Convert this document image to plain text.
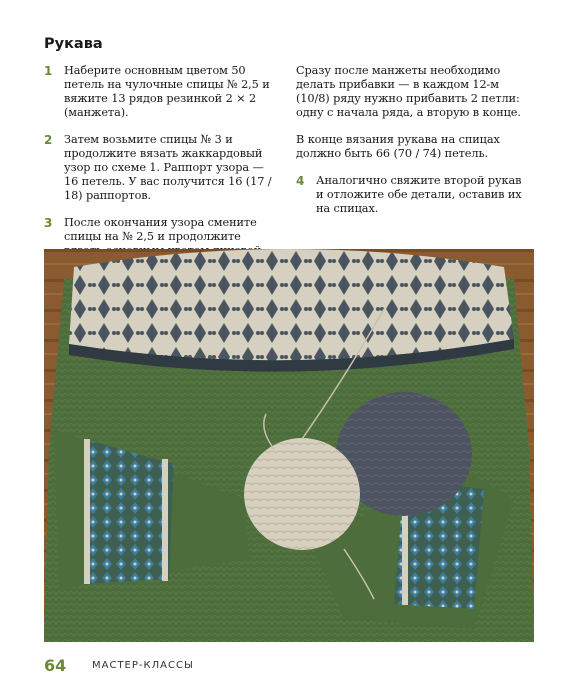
Рукава
1 Наберите основным цветом 50 петель на чулочные спицы № 2,5 и вяжите 13 рядов резинкой 2 × 2 (манжета).
2 Затем возьмите спицы № 3 и продолжите вязать жаккардовый узор по схеме 1. Раппорт узора — 16 петель. У вас получится 16 (17 / 18) раппортов.
3 После окончания узора смените спицы на № 2,5 и продолжите
Сразу после манжеты необходимо делать прибавки — в каждом 12-м (10/8) ряду нужно прибавить 2 петли: одну с начала ряда, а вторую в конце.
В конце вязания рукава на спицах должно быть 66 (70 / 74) петель.
4 Аналогично свяжите второй рукав и отложите обе детали, оставив их на спицах.
64	МАСТЕР-КЛАССЫ
